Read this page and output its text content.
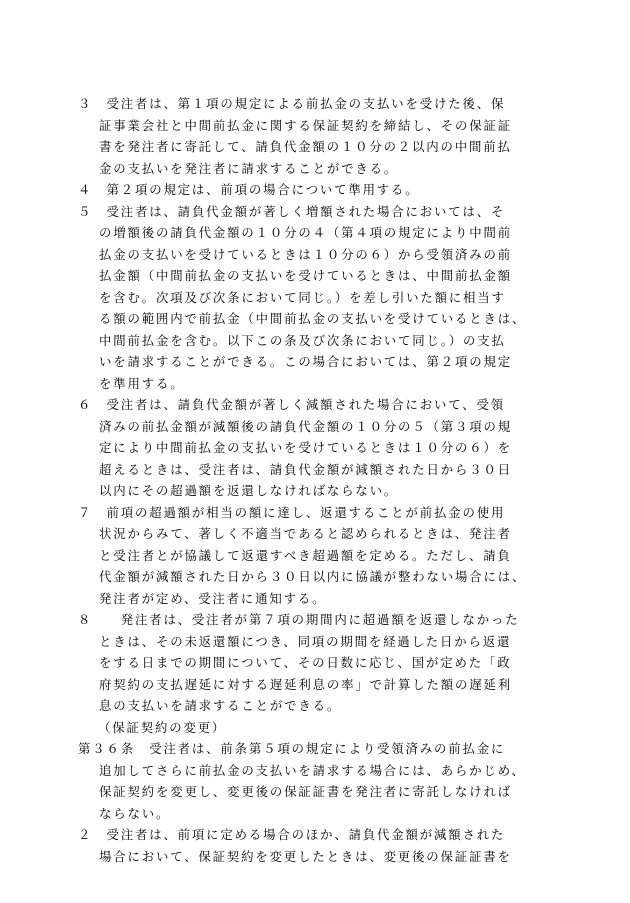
３　受注者は、第１項の規定による前払金の支払いを受けた後、保
証事業会社と中間前払金に関する保証契約を締結し、その保証証
書を発注者に寄託して、請負代金額の１０分の２以内の中間前払
金の支払いを発注者に請求することができる。
４　第２項の規定は、前項の場合について準用する。
５　受注者は、請負代金額が著しく増額された場合においては、そ
の増額後の請負代金額の１０分の４（第４項の規定により中間前
払金の支払いを受けているときは１０分の６）から受領済みの前
払金額（中間前払金の支払いを受けているときは、中間前払金額
を含む。次項及び次条において同じ。）を差し引いた額に相当す
る額の範囲内で前払金（中間前払金の支払いを受けているときは、
中間前払金を含む。以下この条及び次条において同じ。）の支払
いを請求することができる。この場合においては、第２項の規定
を準用する。
６　受注者は、請負代金額が著しく減額された場合において、受領
済みの前払金額が減額後の請負代金額の１０分の５（第３項の規
定により中間前払金の支払いを受けているときは１０分の６）を
超えるときは、受注者は、請負代金額が減額された日から３０日
以内にその超過額を返還しなければならない。
７　前項の超過額が相当の額に達し、返還することが前払金の使用
状況からみて、著しく不適当であると認められるときは、発注者
と受注者とが協議して返還すべき超過額を定める。ただし、請負
代金額が減額された日から３０日以内に協議が整わない場合には、
発注者が定め、受注者に通知する。
８　　発注者は、受注者が第７項の期間内に超過額を返還しなかった
ときは、その未返還額につき、同項の期間を経過した日から返還
をする日までの期間について、その日数に応じ、国が定めた「政
府契約の支払遅延に対する遅延利息の率」で計算した額の遅延利
息の支払いを請求することができる。
（保証契約の変更）
第３６条　受注者は、前条第５項の規定により受領済みの前払金に
追加してさらに前払金の支払いを請求する場合には、あらかじめ、
保証契約を変更し、変更後の保証証書を発注者に寄託しなければ
ならない。
２　受注者は、前項に定める場合のほか、請負代金額が減額された
場合において、保証契約を変更したときは、変更後の保証証書を
